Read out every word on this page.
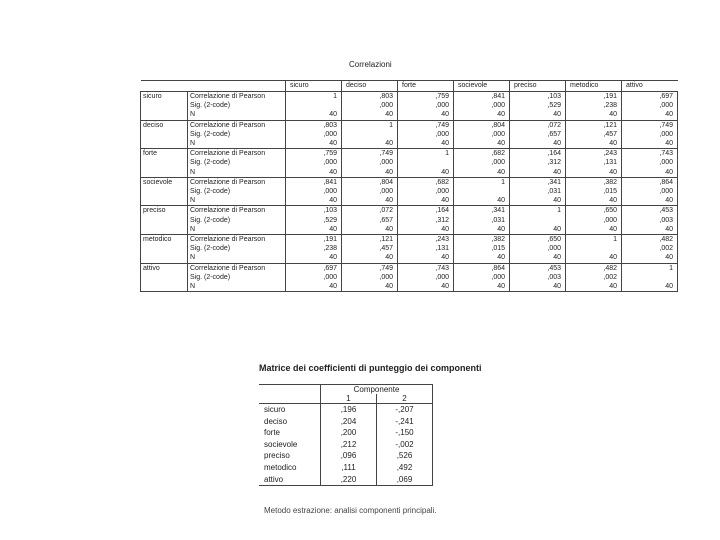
Correlazioni
		sicuro	deciso	forte	socievole	preciso	metodico	attivo
sicuro	Correlazione di Pearson	1	,803	,759	,841	,103	,191	,697
	Sig. (2-code)		,000	,000	,000	,529	,238	,000
	N	40	40	40	40	40	40	40
deciso	Correlazione di Pearson	,803	1	,749	,804	,072	,121	,749
	Sig. (2-code)	,000		,000	,000	,657	,457	,000
	N	40	40	40	40	40	40	40
forte	Correlazione di Pearson	,759	,749	1	,682	,164	,243	,743
	Sig. (2-code)	,000	,000		,000	,312	,131	,000
	N	40	40	40	40	40	40	40
socievole	Correlazione di Pearson	,841	,804	,682	1	,341	,382	,864
	Sig. (2-code)	,000	,000	,000		,031	,015	,000
	N	40	40	40	40	40	40	40
preciso	Correlazione di Pearson	,103	,072	,164	,341	1	,650	,453
	Sig. (2-code)	,529	,657	,312	,031		,000	,003
	N	40	40	40	40	40	40	40
metodico	Correlazione di Pearson	,191	,121	,243	,382	,650	1	,482
	Sig. (2-code)	,238	,457	,131	,015	,000		,002
	N	40	40	40	40	40	40	40
attivo	Correlazione di Pearson	,697	,749	,743	,864	,453	,482	1
	Sig. (2-code)	,000	,000	,000	,000	,003	,002	
	N	40	40	40	40	40	40	40
Matrice dei coefficienti di punteggio dei componenti
	Componente	
	1	2
sicuro	,196	-,207
deciso	,204	-,241
forte	,200	-,150
socievole	,212	-,002
preciso	,096	,526
metodico	,111	,492
attivo	,220	,069
Metodo estrazione: analisi componenti principali.
